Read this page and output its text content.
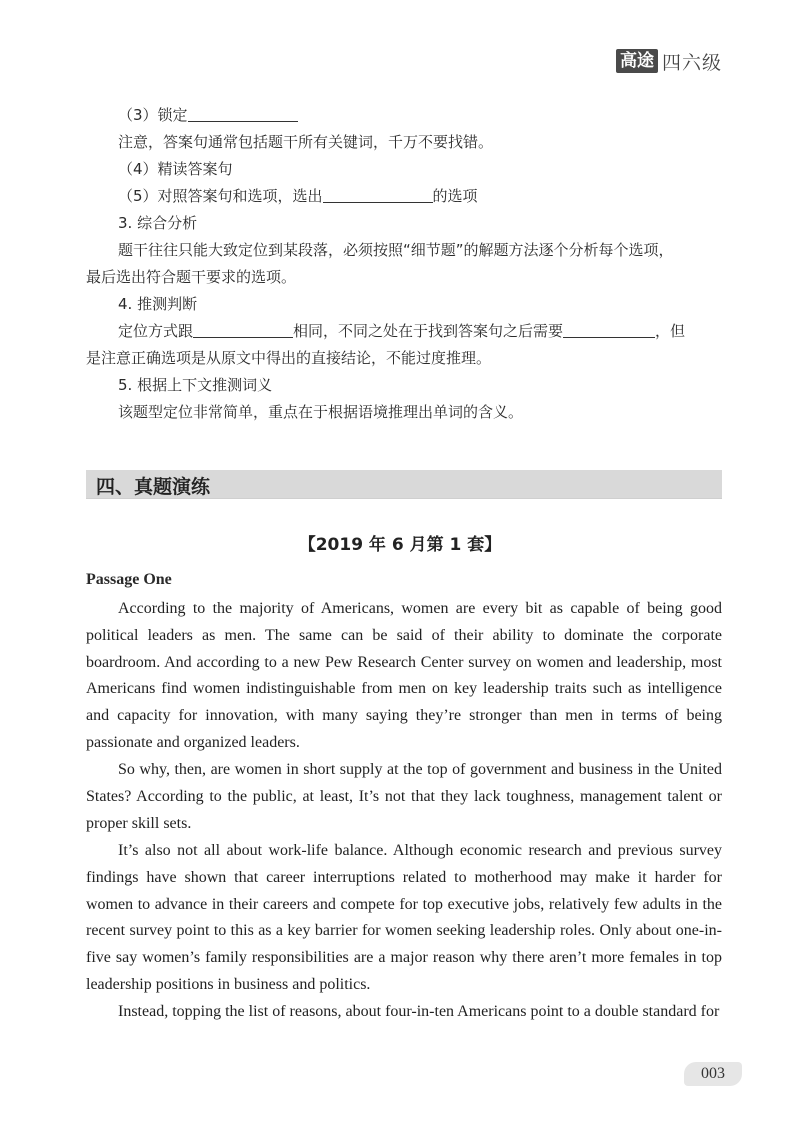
高途 四六级
（3）锁定
注意，答案句通常包括题干所有关键词，千万不要找错。
（4）精读答案句
（5）对照答案句和选项，选出	的选项
3. 综合分析
题干往往只能大致定位到某段落，必须按照“细节题”的解题方法逐个分析每个选项，
最后选出符合题干要求的选项。
4. 推测判断
定位方式跟	相同，不同之处在于找到答案句之后需要	，但
是注意正确选项是从原文中得出的直接结论，不能过度推理。
5. 根据上下文推测词义
该题型定位非常简单，重点在于根据语境推理出单词的含义。
四、真题演练
【2019 年 6 月第 1 套】
Passage One
According to the majority of Americans, women are every bit as capable of being good political leaders as men. The same can be said of their ability to dominate the corporate boardroom. And according to a new Pew Research Center survey on women and leadership, most Americans find women indistinguishable from men on key leadership traits such as intelligence and capacity for innovation, with many saying they’re stronger than men in terms of being passionate and organized leaders.
So why, then, are women in short supply at the top of government and business in the United States? According to the public, at least, It’s not that they lack toughness, management talent or proper skill sets.
It’s also not all about work-life balance. Although economic research and previous survey findings have shown that career interruptions related to motherhood may make it harder for women to advance in their careers and compete for top executive jobs, relatively few adults in the recent survey point to this as a key barrier for women seeking leadership roles. Only about one-in-five say women’s family responsibilities are a major reason why there aren’t more females in top leadership positions in business and politics.
Instead, topping the list of reasons, about four-in-ten Americans point to a double standard for
003
